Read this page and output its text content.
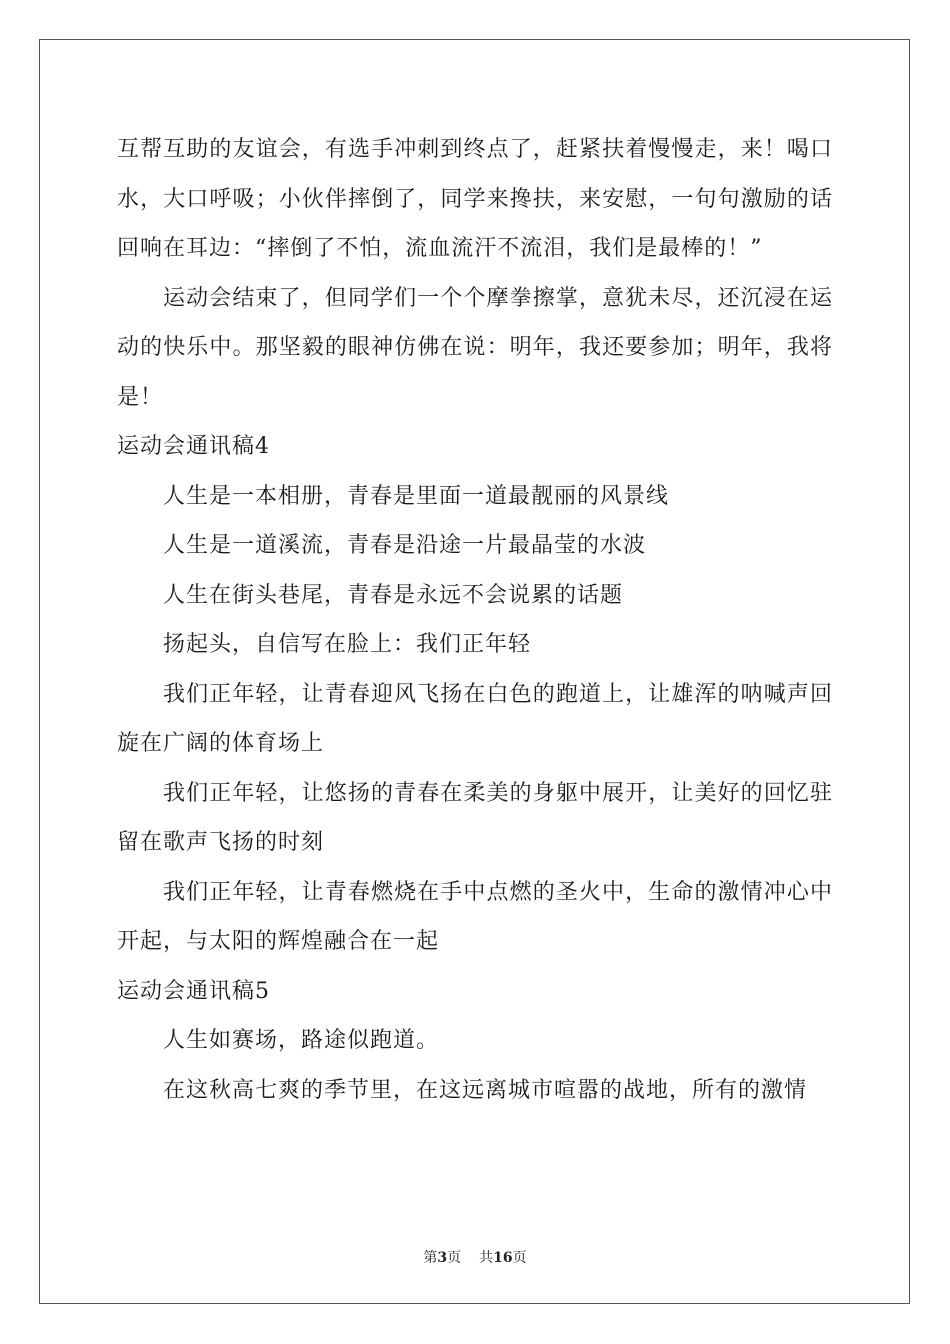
互帮互助的友谊会，有选手冲刺到终点了，赶紧扶着慢慢走，来！喝口水，大口呼吸；小伙伴摔倒了，同学来搀扶，来安慰，一句句激励的话回响在耳边：“摔倒了不怕，流血流汗不流泪，我们是最棒的！”

运动会结束了，但同学们一个个摩拳擦掌，意犹未尽，还沉浸在运动的快乐中。那坚毅的眼神仿佛在说：明年，我还要参加；明年，我将是！

运动会通讯稿4

人生是一本相册，青春是里面一道最靓丽的风景线

人生是一道溪流，青春是沿途一片最晶莹的水波

人生在街头巷尾，青春是永远不会说累的话题

扬起头，自信写在脸上：我们正年轻

我们正年轻，让青春迎风飞扬在白色的跑道上，让雄浑的呐喊声回旋在广阔的体育场上

我们正年轻，让悠扬的青春在柔美的身躯中展开，让美好的回忆驻留在歌声飞扬的时刻

我们正年轻，让青春燃烧在手中点燃的圣火中，生命的激情冲心中开起，与太阳的辉煌融合在一起

运动会通讯稿5

人生如赛场，路途似跑道。

在这秋高七爽的季节里，在这远离城市喧嚣的战地，所有的激情

第3页 共16页
